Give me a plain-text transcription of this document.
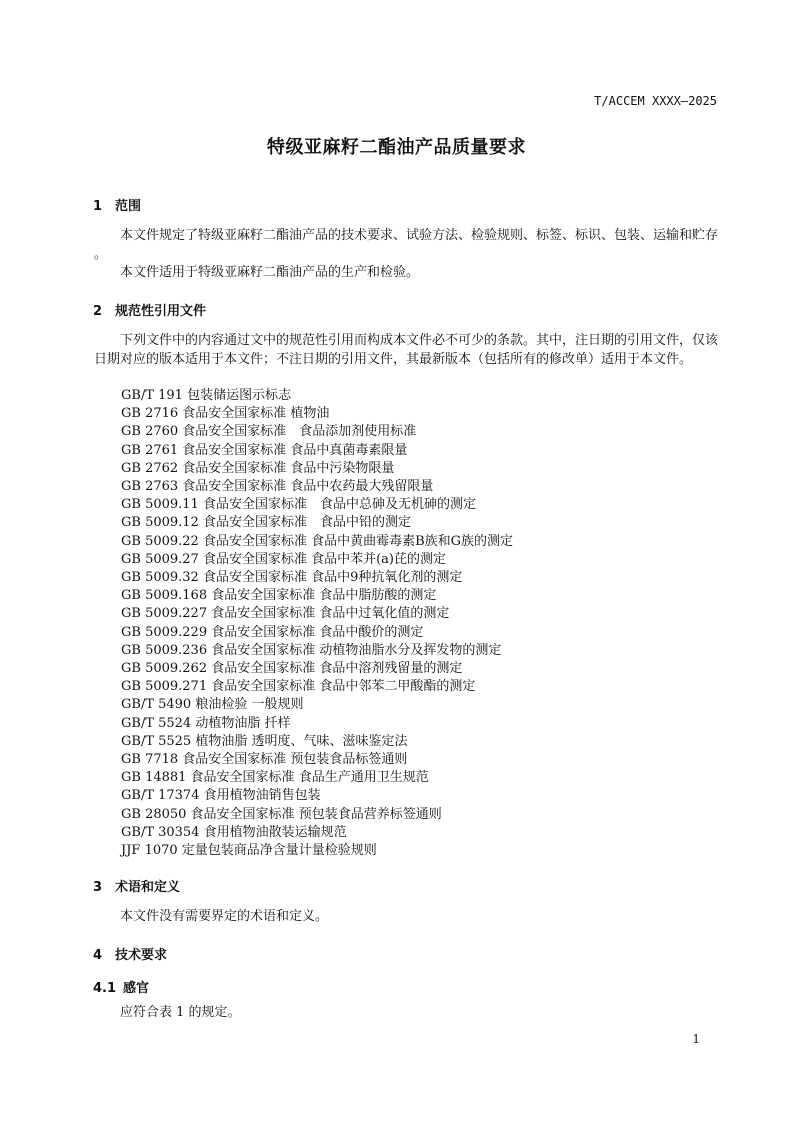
T/ACCEM XXXX—2025
特级亚麻籽二酯油产品质量要求
1 范围
本文件规定了特级亚麻籽二酯油产品的技术要求、试验方法、检验规则、标签、标识、包装、运输和贮存 。
本文件适用于特级亚麻籽二酯油产品的生产和检验。
2 规范性引用文件
下列文件中的内容通过文中的规范性引用而构成本文件必不可少的条款。其中，注日期的引用文件，仅该日期对应的版本适用于本文件；不注日期的引用文件，其最新版本（包括所有的修改单）适用于本文件。
GB/T 191 包装储运图示标志
GB 2716 食品安全国家标准 植物油
GB 2760 食品安全国家标准　食品添加剂使用标准
GB 2761 食品安全国家标准 食品中真菌毒素限量
GB 2762 食品安全国家标准 食品中污染物限量
GB 2763 食品安全国家标准 食品中农药最大残留限量
GB 5009.11 食品安全国家标准　食品中总砷及无机砷的测定
GB 5009.12 食品安全国家标准　食品中铅的测定
GB 5009.22 食品安全国家标准 食品中黄曲霉毒素B族和G族的测定
GB 5009.27 食品安全国家标准 食品中苯并(a)芘的测定
GB 5009.32 食品安全国家标准 食品中9种抗氧化剂的测定
GB 5009.168 食品安全国家标准 食品中脂肪酸的测定
GB 5009.227 食品安全国家标准 食品中过氧化值的测定
GB 5009.229 食品安全国家标准 食品中酸价的测定
GB 5009.236 食品安全国家标准 动植物油脂水分及挥发物的测定
GB 5009.262 食品安全国家标准 食品中溶剂残留量的测定
GB 5009.271 食品安全国家标准 食品中邻苯二甲酸酯的测定
GB/T 5490 粮油检验 一般规则
GB/T 5524 动植物油脂 扦样
GB/T 5525 植物油脂 透明度、气味、滋味鉴定法
GB 7718 食品安全国家标准 预包装食品标签通则
GB 14881 食品安全国家标准 食品生产通用卫生规范
GB/T 17374 食用植物油销售包装
GB 28050 食品安全国家标准 预包装食品营养标签通则
GB/T 30354 食用植物油散装运输规范
JJF 1070 定量包装商品净含量计量检验规则
3 术语和定义
本文件没有需要界定的术语和定义。
4 技术要求
4.1 感官
应符合表 1 的规定。
1
